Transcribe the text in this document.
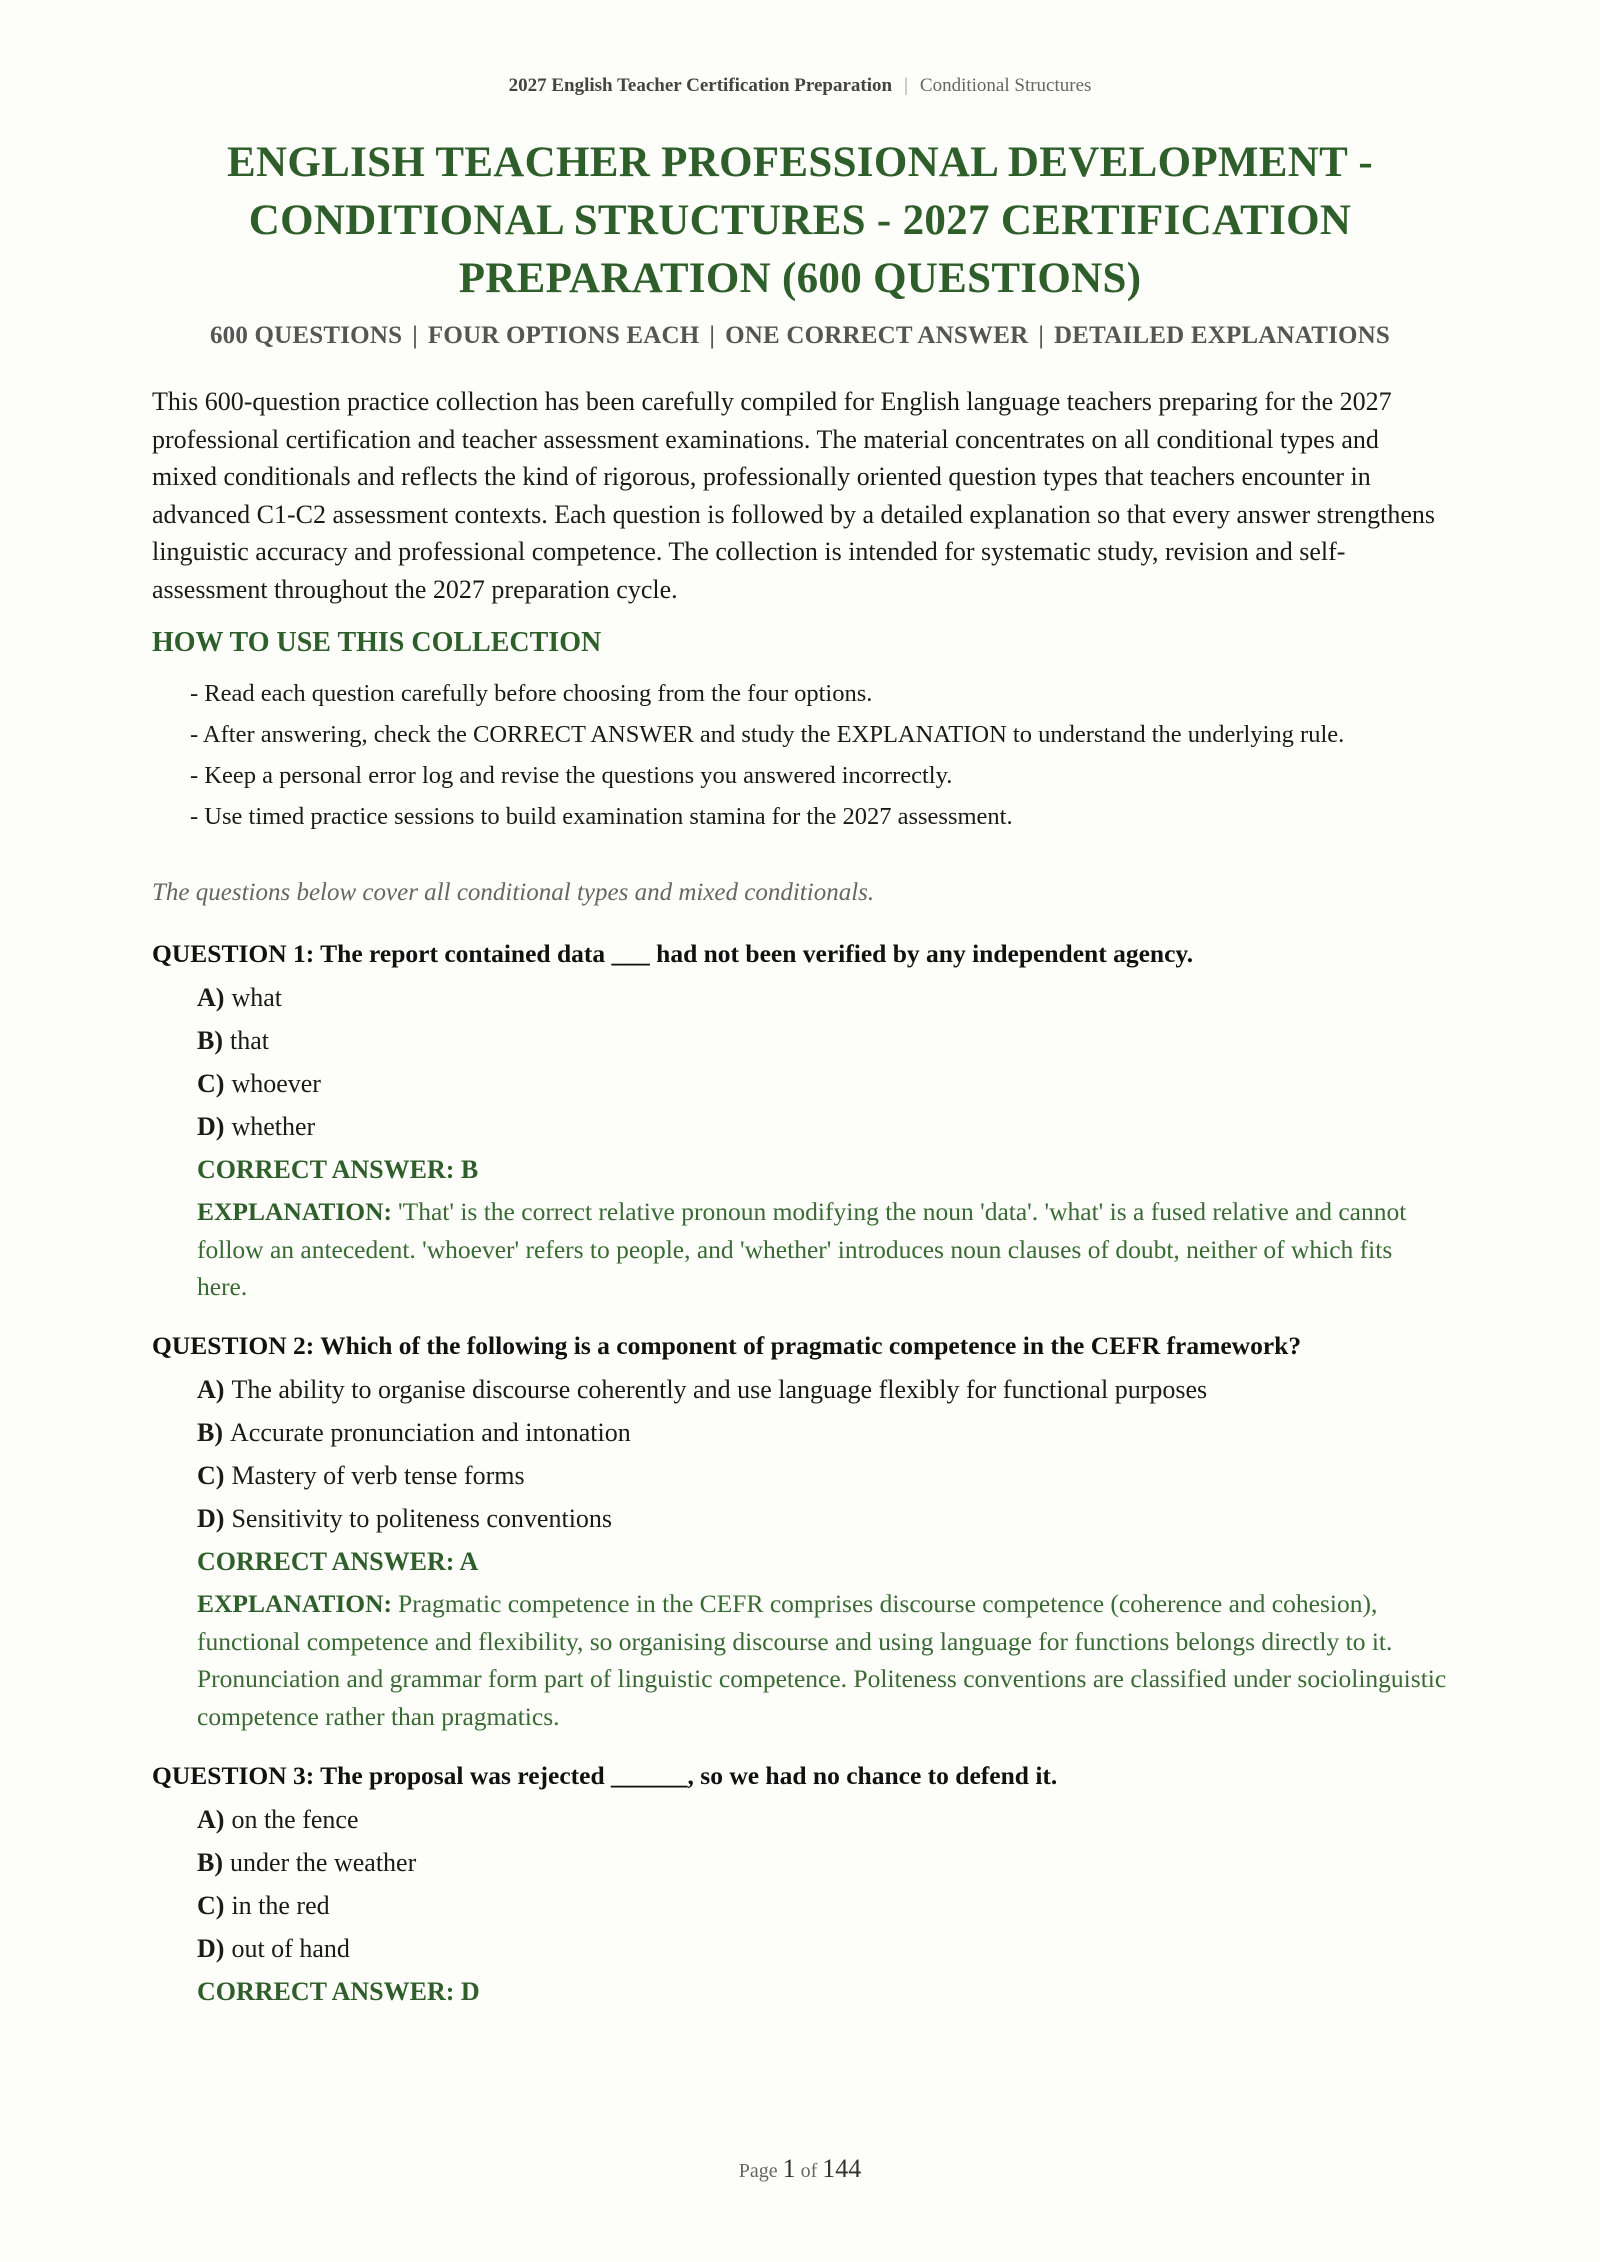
2027 English Teacher Certification Preparation | Conditional Structures
ENGLISH TEACHER PROFESSIONAL DEVELOPMENT -
CONDITIONAL STRUCTURES - 2027 CERTIFICATION
PREPARATION (600 QUESTIONS)
600 QUESTIONS | FOUR OPTIONS EACH | ONE CORRECT ANSWER | DETAILED EXPLANATIONS

This 600-question practice collection has been carefully compiled for English language teachers preparing for the 2027 professional certification and teacher assessment examinations. The material concentrates on all conditional types and mixed conditionals and reflects the kind of rigorous, professionally oriented question types that teachers encounter in advanced C1-C2 assessment contexts. Each question is followed by a detailed explanation so that every answer strengthens linguistic accuracy and professional competence. The collection is intended for systematic study, revision and self-assessment throughout the 2027 preparation cycle.

HOW TO USE THIS COLLECTION
- Read each question carefully before choosing from the four options.
- After answering, check the CORRECT ANSWER and study the EXPLANATION to understand the underlying rule.
- Keep a personal error log and revise the questions you answered incorrectly.
- Use timed practice sessions to build examination stamina for the 2027 assessment.
The questions below cover all conditional types and mixed conditionals.
QUESTION 1: The report contained data ___ had not been verified by any independent agency.
A) what
B) that
C) whoever
D) whether
CORRECT ANSWER: B
EXPLANATION: 'That' is the correct relative pronoun modifying the noun 'data'. 'what' is a fused relative and cannot follow an antecedent. 'whoever' refers to people, and 'whether' introduces noun clauses of doubt, neither of which fits here.
QUESTION 2: Which of the following is a component of pragmatic competence in the CEFR framework?
A) The ability to organise discourse coherently and use language flexibly for functional purposes
B) Accurate pronunciation and intonation
C) Mastery of verb tense forms
D) Sensitivity to politeness conventions
CORRECT ANSWER: A
EXPLANATION: Pragmatic competence in the CEFR comprises discourse competence (coherence and cohesion), functional competence and flexibility, so organising discourse and using language for functions belongs directly to it. Pronunciation and grammar form part of linguistic competence. Politeness conventions are classified under sociolinguistic competence rather than pragmatics.
QUESTION 3: The proposal was rejected ______, so we had no chance to defend it.
A) on the fence
B) under the weather
C) in the red
D) out of hand
CORRECT ANSWER: D
Page 1 of 144
